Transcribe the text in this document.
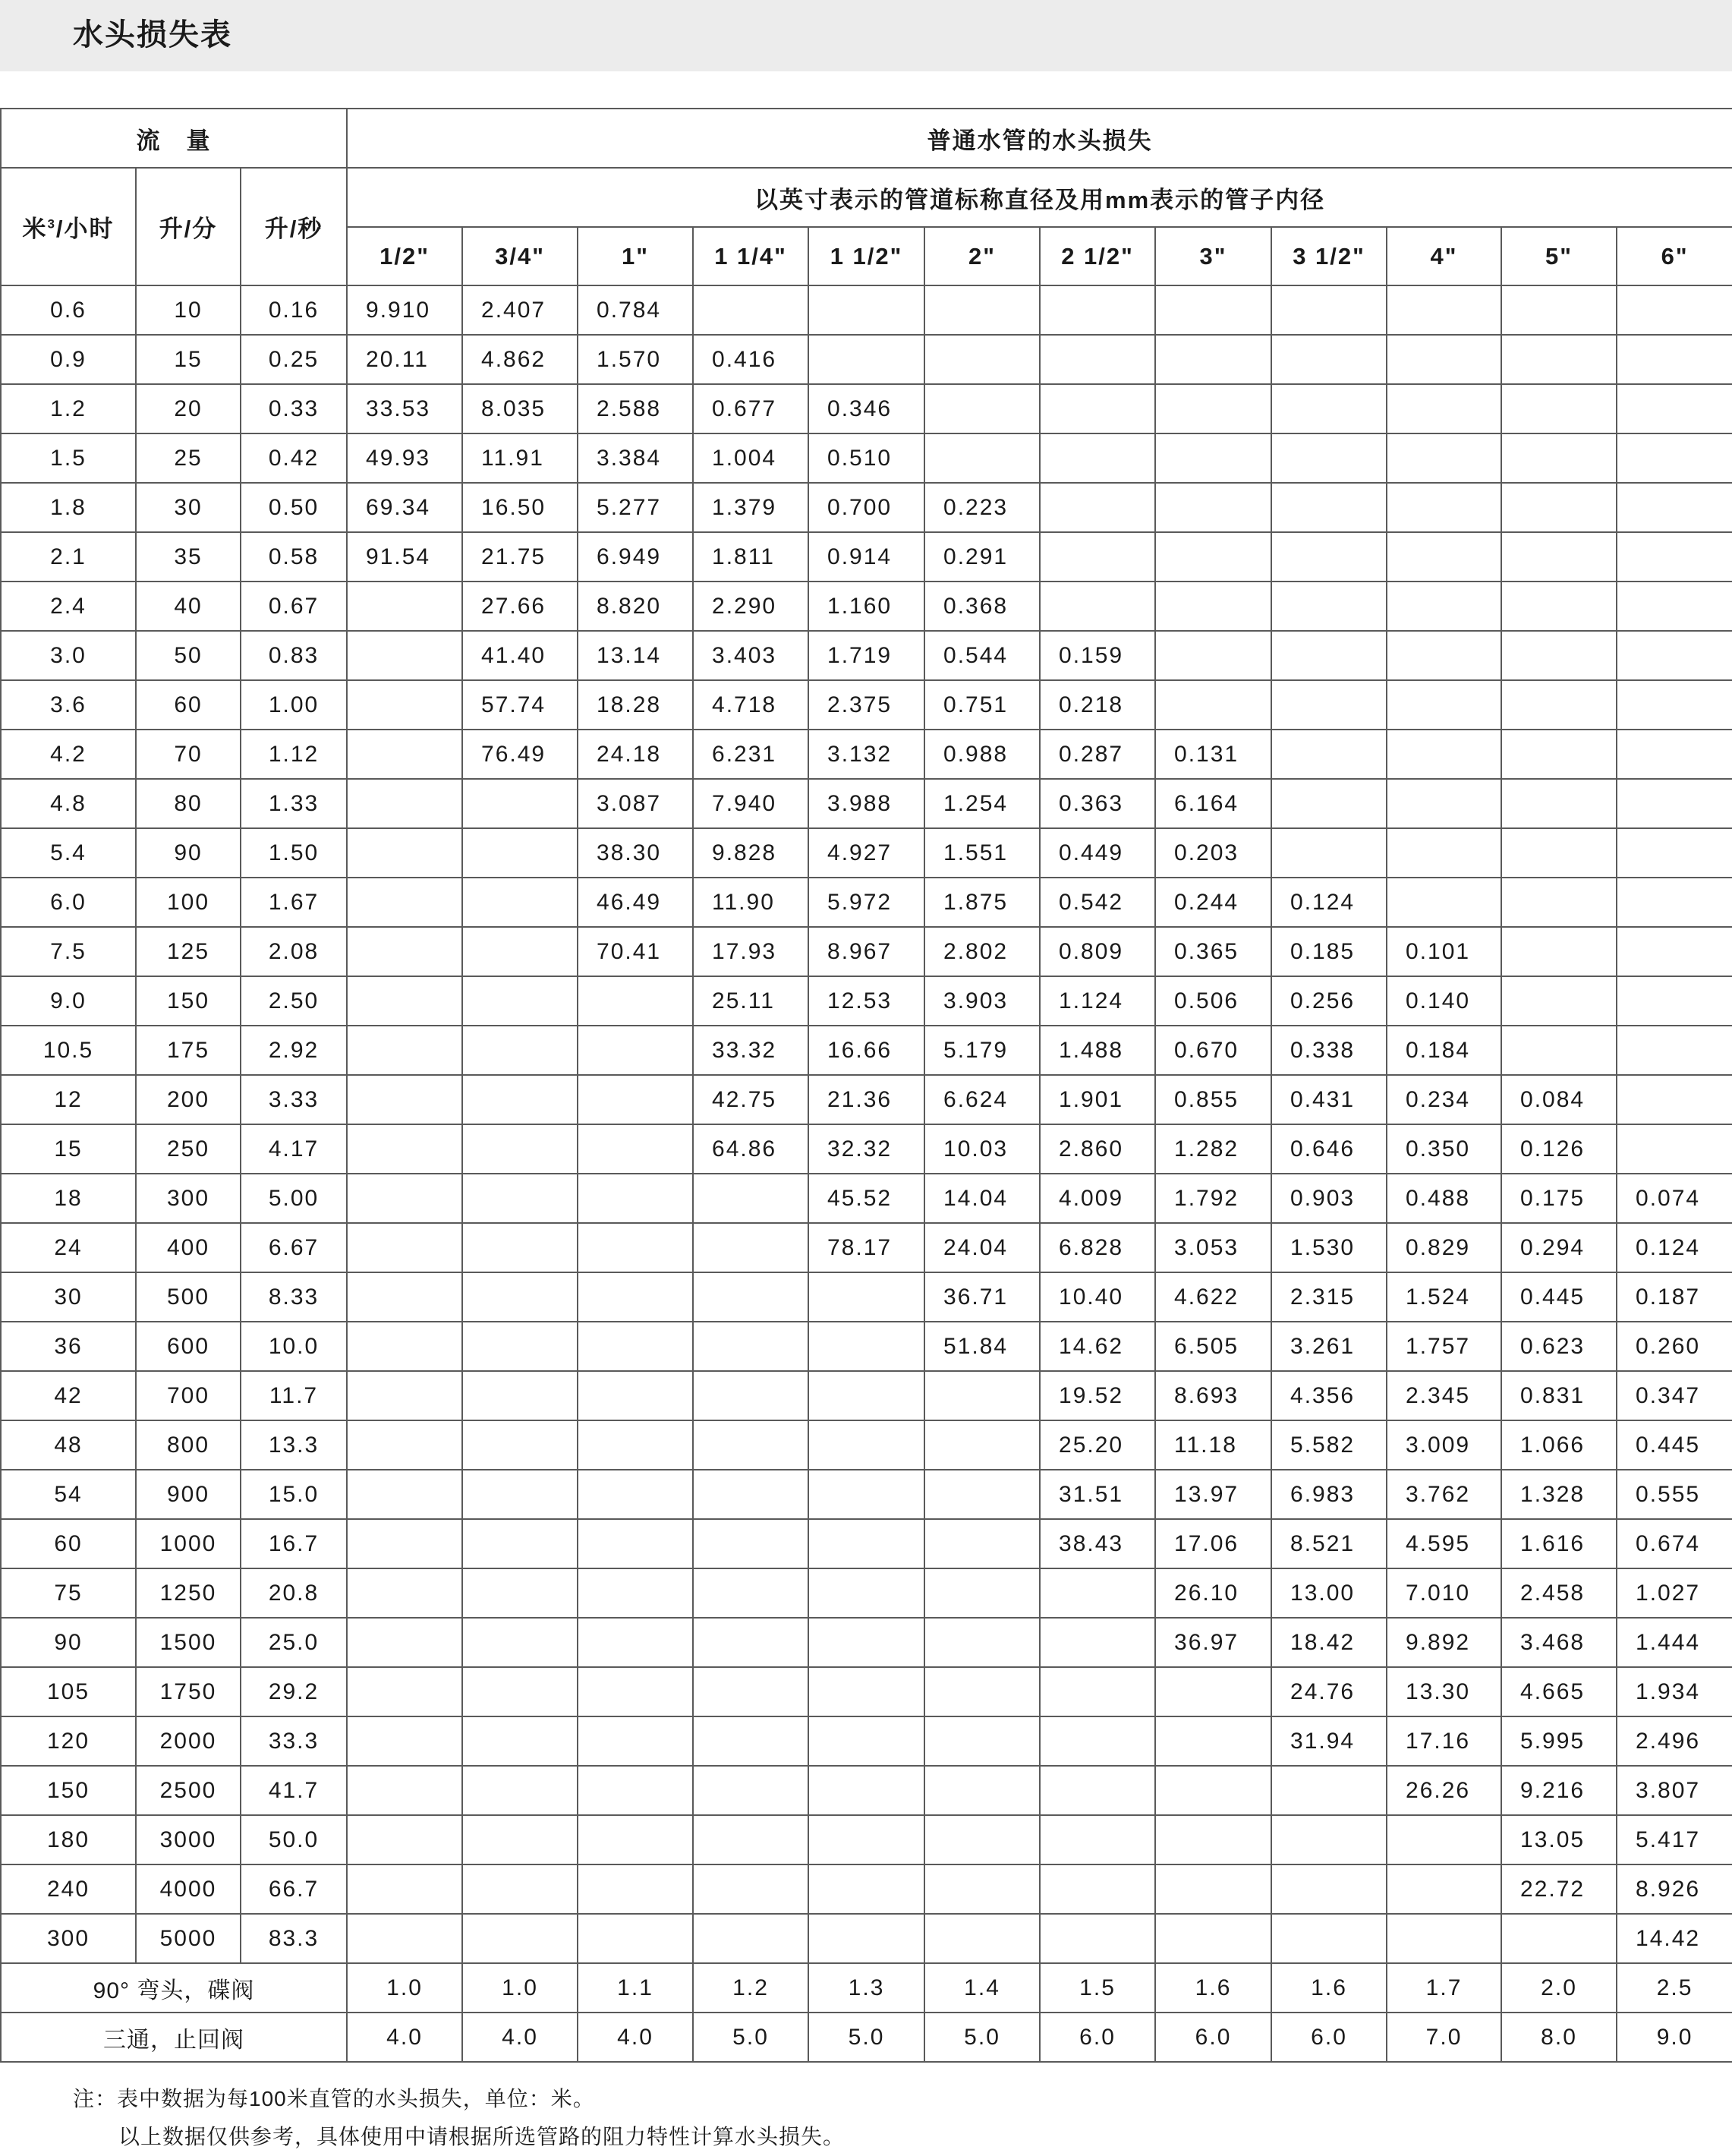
水头损失表
流　量			普通水管的水头损失											
米$^3$/小时	升/分	升/秒	以英寸表示的管道标称直径及用mm表示的管子内径											
			1/2"	3/4"	1"	1 1/4"	1 1/2"	2"	2 1/2"	3"	3 1/2"	4"	5"	6"
0.6	10	0.16	9.910	2.407	0.784									
0.9	15	0.25	20.11	4.862	1.570	0.416								
1.2	20	0.33	33.53	8.035	2.588	0.677	0.346							
1.5	25	0.42	49.93	11.91	3.384	1.004	0.510							
1.8	30	0.50	69.34	16.50	5.277	1.379	0.700	0.223						
2.1	35	0.58	91.54	21.75	6.949	1.811	0.914	0.291						
2.4	40	0.67		27.66	8.820	2.290	1.160	0.368						
3.0	50	0.83		41.40	13.14	3.403	1.719	0.544	0.159					
3.6	60	1.00		57.74	18.28	4.718	2.375	0.751	0.218					
4.2	70	1.12		76.49	24.18	6.231	3.132	0.988	0.287	0.131				
4.8	80	1.33			3.087	7.940	3.988	1.254	0.363	6.164				
5.4	90	1.50			38.30	9.828	4.927	1.551	0.449	0.203				
6.0	100	1.67			46.49	11.90	5.972	1.875	0.542	0.244	0.124			
7.5	125	2.08			70.41	17.93	8.967	2.802	0.809	0.365	0.185	0.101		
9.0	150	2.50				25.11	12.53	3.903	1.124	0.506	0.256	0.140		
10.5	175	2.92				33.32	16.66	5.179	1.488	0.670	0.338	0.184		
12	200	3.33				42.75	21.36	6.624	1.901	0.855	0.431	0.234	0.084	
15	250	4.17				64.86	32.32	10.03	2.860	1.282	0.646	0.350	0.126	
18	300	5.00					45.52	14.04	4.009	1.792	0.903	0.488	0.175	0.074
24	400	6.67					78.17	24.04	6.828	3.053	1.530	0.829	0.294	0.124
30	500	8.33						36.71	10.40	4.622	2.315	1.524	0.445	0.187
36	600	10.0						51.84	14.62	6.505	3.261	1.757	0.623	0.260
42	700	11.7							19.52	8.693	4.356	2.345	0.831	0.347
48	800	13.3							25.20	11.18	5.582	3.009	1.066	0.445
54	900	15.0							31.51	13.97	6.983	3.762	1.328	0.555
60	1000	16.7							38.43	17.06	8.521	4.595	1.616	0.674
75	1250	20.8								26.10	13.00	7.010	2.458	1.027
90	1500	25.0								36.97	18.42	9.892	3.468	1.444
105	1750	29.2									24.76	13.30	4.665	1.934
120	2000	33.3									31.94	17.16	5.995	2.496
150	2500	41.7										26.26	9.216	3.807
180	3000	50.0											13.05	5.417
240	4000	66.7											22.72	8.926
300	5000	83.3												14.42
90° 弯头，碟阀			1.0	1.0	1.1	1.2	1.3	1.4	1.5	1.6	1.6	1.7	2.0	2.5
三通，止回阀			4.0	4.0	4.0	5.0	5.0	5.0	6.0	6.0	6.0	7.0	8.0	9.0
注：表中数据为每100米直管的水头损失，单位：米。
以上数据仅供参考，具体使用中请根据所选管路的阻力特性计算水头损失。
